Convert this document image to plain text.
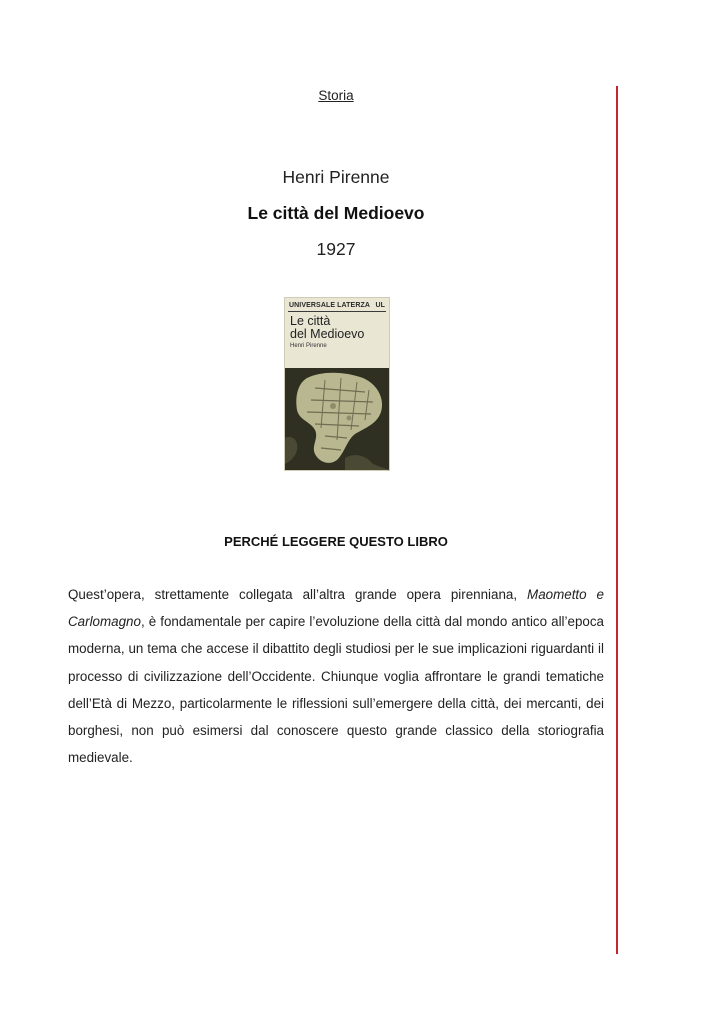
Storia
Henri Pirenne
Le città del Medioevo
1927
UNIVERSALE LATERZA UL
Le città
del Medioevo
Henri Pirenne
PERCHÉ LEGGERE QUESTO LIBRO

Quest’opera, strettamente collegata all’altra grande opera pirenniana, Maometto e Carlomagno, è fondamentale per capire l’evoluzione della città dal mondo antico all’epoca moderna, un tema che accese il dibattito degli studiosi per le sue implicazioni riguardanti il processo di civilizzazione dell’Occidente. Chiunque voglia affrontare le grandi tematiche dell’Età di Mezzo, particolarmente le riflessioni sull’emergere della città, dei mercanti, dei borghesi, non può esimersi dal conoscere questo grande classico della storiografia medievale.
